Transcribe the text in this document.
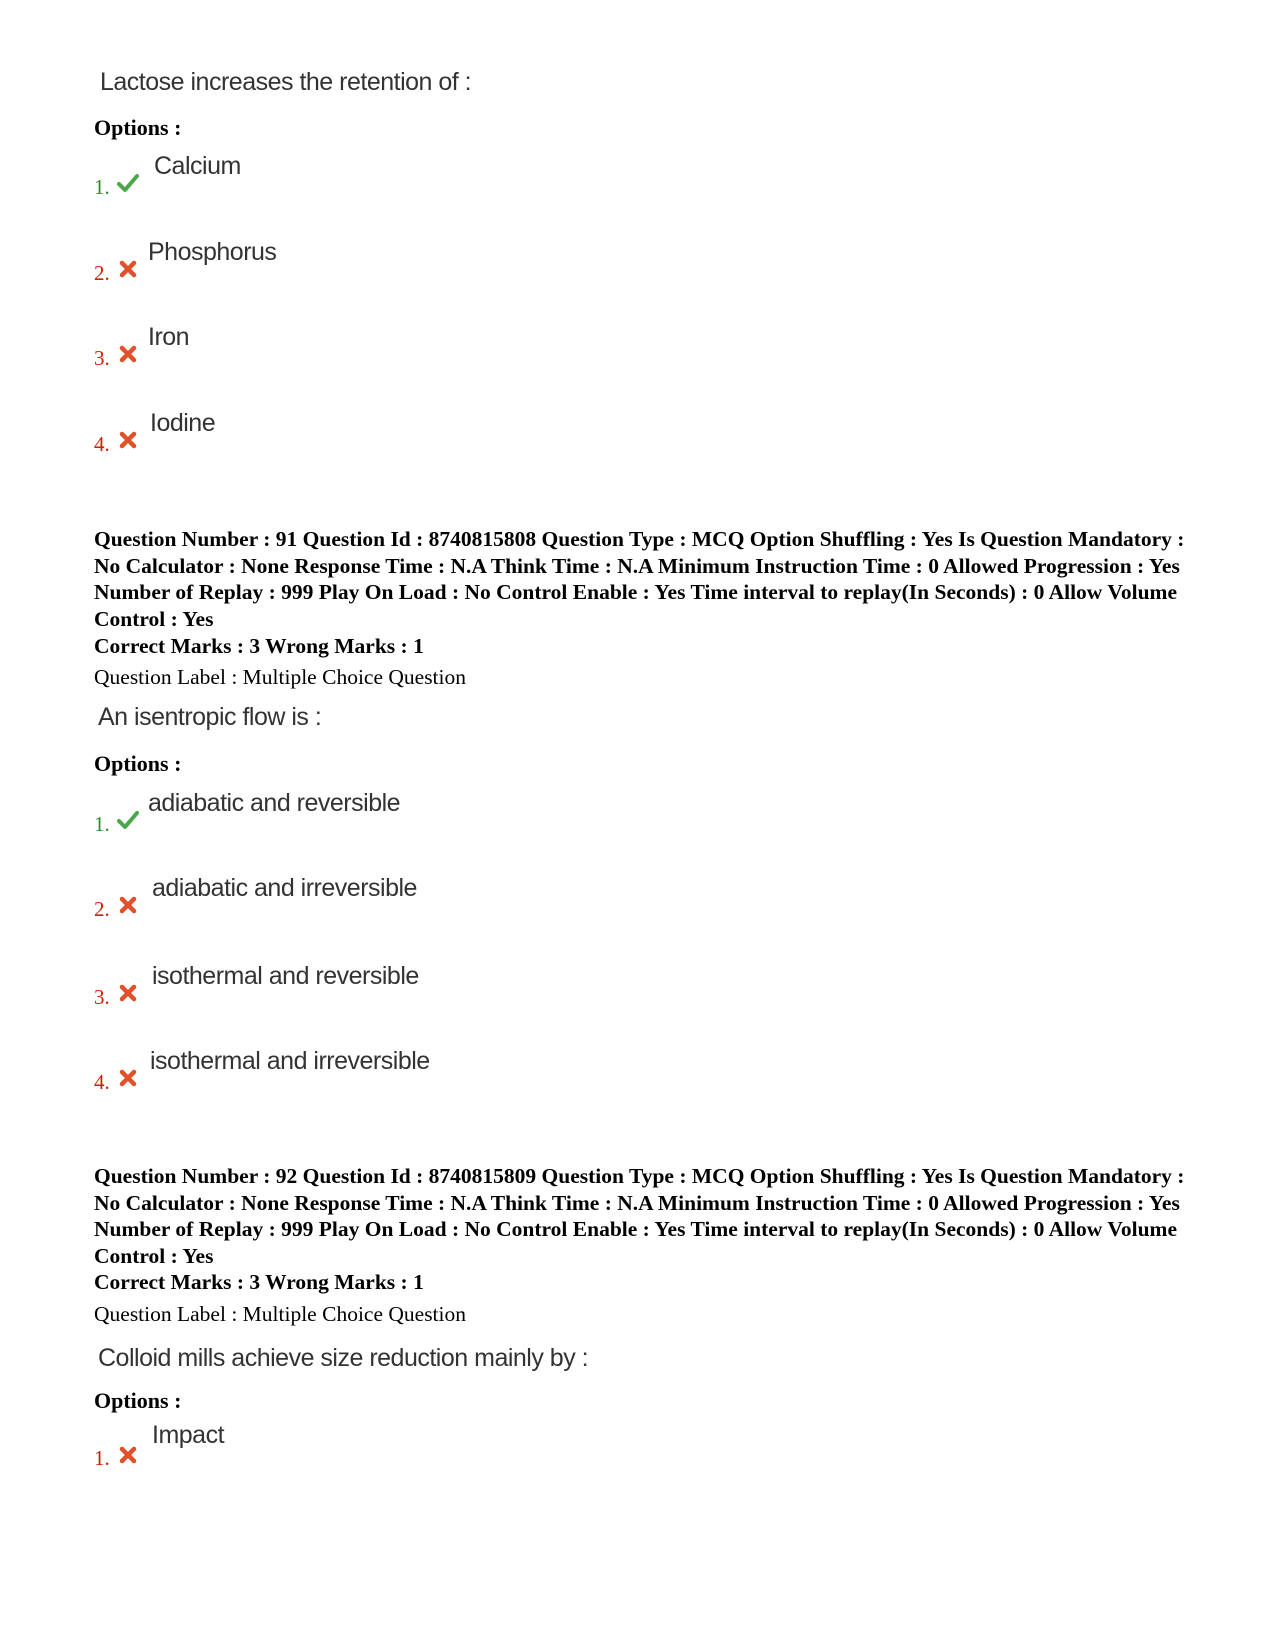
Lactose increases the retention of :
Options :
1.
Calcium
2.
Phosphorus
3.
Iron
4.
Iodine
Question Number : 91 Question Id : 8740815808 Question Type : MCQ Option Shuffling : Yes Is Question Mandatory : No Calculator : None Response Time : N.A Think Time : N.A Minimum Instruction Time : 0 Allowed Progression : Yes Number of Replay : 999 Play On Load : No Control Enable : Yes Time interval to replay(In Seconds) : 0 Allow Volume Control : Yes
Correct Marks : 3 Wrong Marks : 1
Question Label : Multiple Choice Question
An isentropic flow is :
Options :
1.
adiabatic and reversible
2.
adiabatic and irreversible
3.
isothermal and reversible
4.
isothermal and irreversible
Question Number : 92 Question Id : 8740815809 Question Type : MCQ Option Shuffling : Yes Is Question Mandatory : No Calculator : None Response Time : N.A Think Time : N.A Minimum Instruction Time : 0 Allowed Progression : Yes Number of Replay : 999 Play On Load : No Control Enable : Yes Time interval to replay(In Seconds) : 0 Allow Volume Control : Yes
Correct Marks : 3 Wrong Marks : 1
Question Label : Multiple Choice Question
Colloid mills achieve size reduction mainly by :
Options :
1.
Impact
